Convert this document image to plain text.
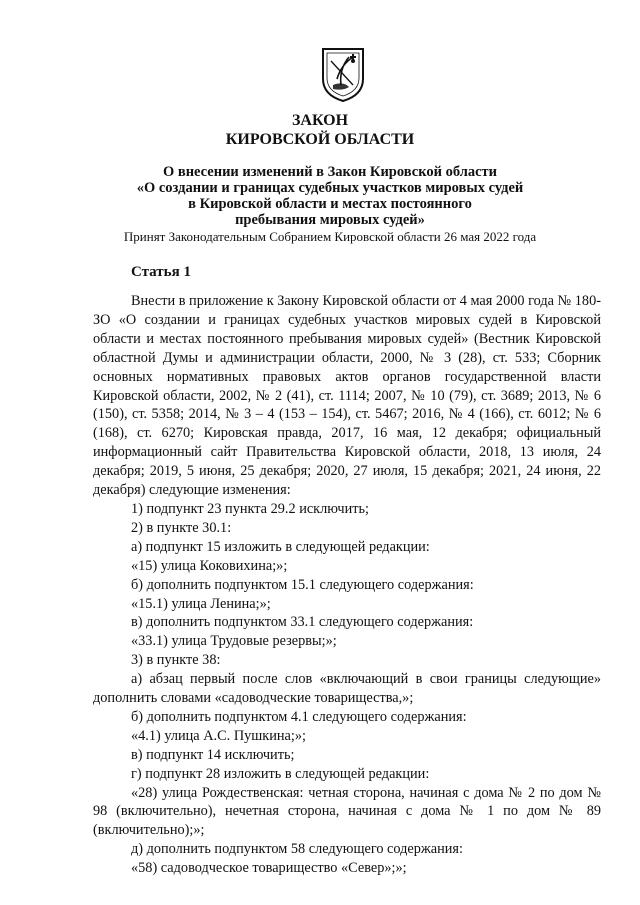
ЗАКОН
КИРОВСКОЙ ОБЛАСТИ
О внесении изменений в Закон Кировской области
«О создании и границах судебных участков мировых судей
в Кировской области и местах постоянного
пребывания мировых судей»
Принят Законодательным Собранием Кировской области 26 мая 2022 года
Статья 1

Внести в приложение к Закону Кировской области от 4 мая 2000 года № 180-ЗО «О создании и границах судебных участков мировых судей в Кировской области и местах постоянного пребывания мировых судей» (Вестник Кировской областной Думы и администрации области, 2000, № 3 (28), ст. 533; Сборник основных нормативных правовых актов органов государственной власти Кировской области, 2002, № 2 (41), ст. 1114; 2007, № 10 (79), ст. 3689; 2013, № 6 (150), ст. 5358; 2014, № 3 – 4 (153 – 154), ст. 5467; 2016, № 4 (166), ст. 6012; № 6 (168), ст. 6270; Кировская правда, 2017, 16 мая, 12 декабря; официальный информационный сайт Правительства Кировской области, 2018, 13 июля, 24 декабря; 2019, 5 июня, 25 декабря; 2020, 27 июля, 15 декабря; 2021, 24 июня, 22 декабря) следующие изменения:

1) подпункт 23 пункта 29.2 исключить;

2) в пункте 30.1:

а) подпункт 15 изложить в следующей редакции:

«15) улица Коковихина;»;

б) дополнить подпунктом 15.1 следующего содержания:

«15.1) улица Ленина;»;

в) дополнить подпунктом 33.1 следующего содержания:

«33.1) улица Трудовые резервы;»;

3) в пункте 38:

а) абзац первый после слов «включающий в свои границы следующие» дополнить словами «садоводческие товарищества,»;

б) дополнить подпунктом 4.1 следующего содержания:

«4.1) улица А.С. Пушкина;»;

в) подпункт 14 исключить;

г) подпункт 28 изложить в следующей редакции:

«28) улица Рождественская: четная сторона, начиная с дома № 2 по дом № 98 (включительно), нечетная сторона, начиная с дома № 1 по дом № 89 (включительно);»;

д) дополнить подпунктом 58 следующего содержания:

«58) садоводческое товарищество «Север»;»;
